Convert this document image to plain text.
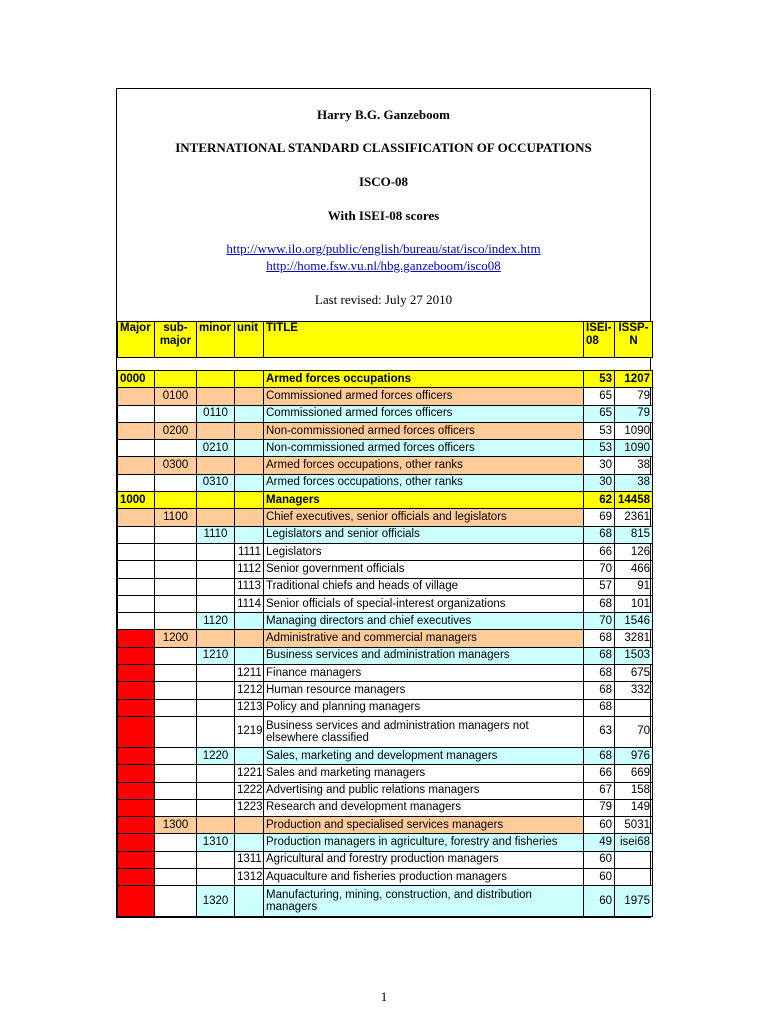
Harry B.G. Ganzeboom
INTERNATIONAL STANDARD CLASSIFICATION OF OCCUPATIONS
ISCO-08
With ISEI-08 scores
http://www.ilo.org/public/english/bureau/stat/isco/index.htm
http://home.fsw.vu.nl/hbg.ganzeboom/isco08
Last revised: July 27 2010
Major	sub-major	minor	unit	TITLE	ISEI-08	ISSP-N

0000				Armed forces occupations	53	1207
	0100			Commissioned armed forces officers	65	79
		0110		Commissioned armed forces officers	65	79
	0200			Non-commissioned armed forces officers	53	1090
		0210		Non-commissioned armed forces officers	53	1090
	0300			Armed forces occupations, other ranks	30	38
		0310		Armed forces occupations, other ranks	30	38
1000				Managers	62	14458
	1100			Chief executives, senior officials and legislators	69	2361
		1110		Legislators and senior officials	68	815
			1111	Legislators	66	126
			1112	Senior government officials	70	466
			1113	Traditional chiefs and heads of village	57	91
			1114	Senior officials of special-interest organizations	68	101
		1120		Managing directors and chief executives	70	1546
	1200			Administrative and commercial managers	68	3281
		1210		Business services and administration managers	68	1503
			1211	Finance managers	68	675
			1212	Human resource managers	68	332
			1213	Policy and planning managers	68	
			1219	Business services and administration managers not elsewhere classified	63	70
		1220		Sales, marketing and development managers	68	976
			1221	Sales and marketing managers	66	669
			1222	Advertising and public relations managers	67	158
			1223	Research and development managers	79	149
	1300			Production and specialised services managers	60	5031
		1310		Production managers in agriculture, forestry and fisheries	49	isei68
			1311	Agricultural and forestry production managers	60	
			1312	Aquaculture and fisheries production managers	60	
		1320		Manufacturing, mining, construction, and distribution managers	60	1975
1
